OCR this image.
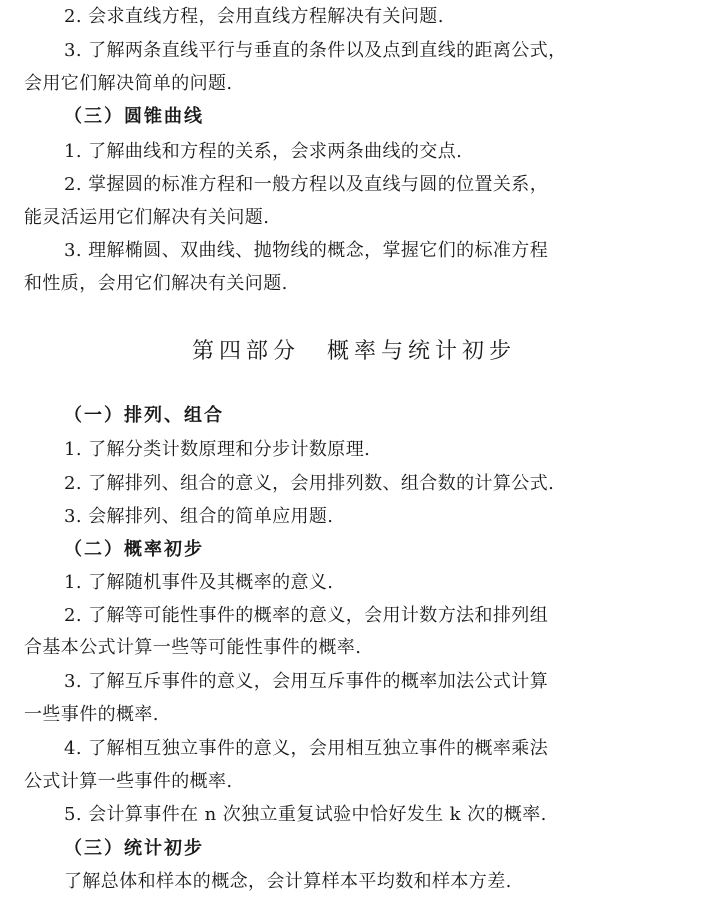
2. 会求直线方程，会用直线方程解决有关问题.
3. 了解两条直线平行与垂直的条件以及点到直线的距离公式，
会用它们解决简单的问题.
（三）圆锥曲线
1. 了解曲线和方程的关系，会求两条曲线的交点.
2. 掌握圆的标准方程和一般方程以及直线与圆的位置关系，
能灵活运用它们解决有关问题.
3. 理解椭圆、双曲线、抛物线的概念，掌握它们的标准方程
和性质，会用它们解决有关问题.
第四部分　概率与统计初步
（一）排列、组合
1. 了解分类计数原理和分步计数原理.
2. 了解排列、组合的意义，会用排列数、组合数的计算公式.
3. 会解排列、组合的简单应用题.
（二）概率初步
1. 了解随机事件及其概率的意义.
2. 了解等可能性事件的概率的意义，会用计数方法和排列组
合基本公式计算一些等可能性事件的概率.
3. 了解互斥事件的意义，会用互斥事件的概率加法公式计算
一些事件的概率.
4. 了解相互独立事件的意义，会用相互独立事件的概率乘法
公式计算一些事件的概率.
5. 会计算事件在 n 次独立重复试验中恰好发生 k 次的概率.
（三）统计初步
了解总体和样本的概念，会计算样本平均数和样本方差.
